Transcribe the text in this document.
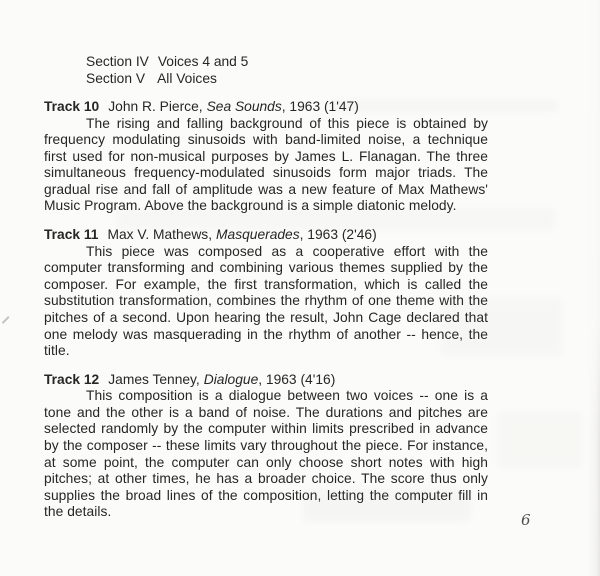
Section IV Voices 4 and 5
Section V All Voices
Track 10 John R. Pierce, Sea Sounds, 1963 (1'47)

The rising and falling background of this piece is obtained by frequency modulating sinusoids with band-limited noise, a technique first used for non-musical purposes by James L. Flanagan. The three simultaneous frequency-modulated sinusoids form major triads. The gradual rise and fall of amplitude was a new feature of Max Mathews' Music Program. Above the background is a simple diatonic melody.

Track 11 Max V. Mathews, Masquerades, 1963 (2'46)

This piece was composed as a cooperative effort with the computer transforming and combining various themes supplied by the composer. For example, the first transformation, which is called the substitution transformation, combines the rhythm of one theme with the pitches of a second. Upon hearing the result, John Cage declared that one melody was masquerading in the rhythm of another -- hence, the title.

Track 12 James Tenney, Dialogue, 1963 (4'16)

This composition is a dialogue between two voices -- one is a tone and the other is a band of noise. The durations and pitches are selected randomly by the computer within limits prescribed in advance by the composer -- these limits vary throughout the piece. For instance, at some point, the computer can only choose short notes with high pitches; at other times, he has a broader choice. The score thus only supplies the broad lines of the composition, letting the computer fill in the details.	6
